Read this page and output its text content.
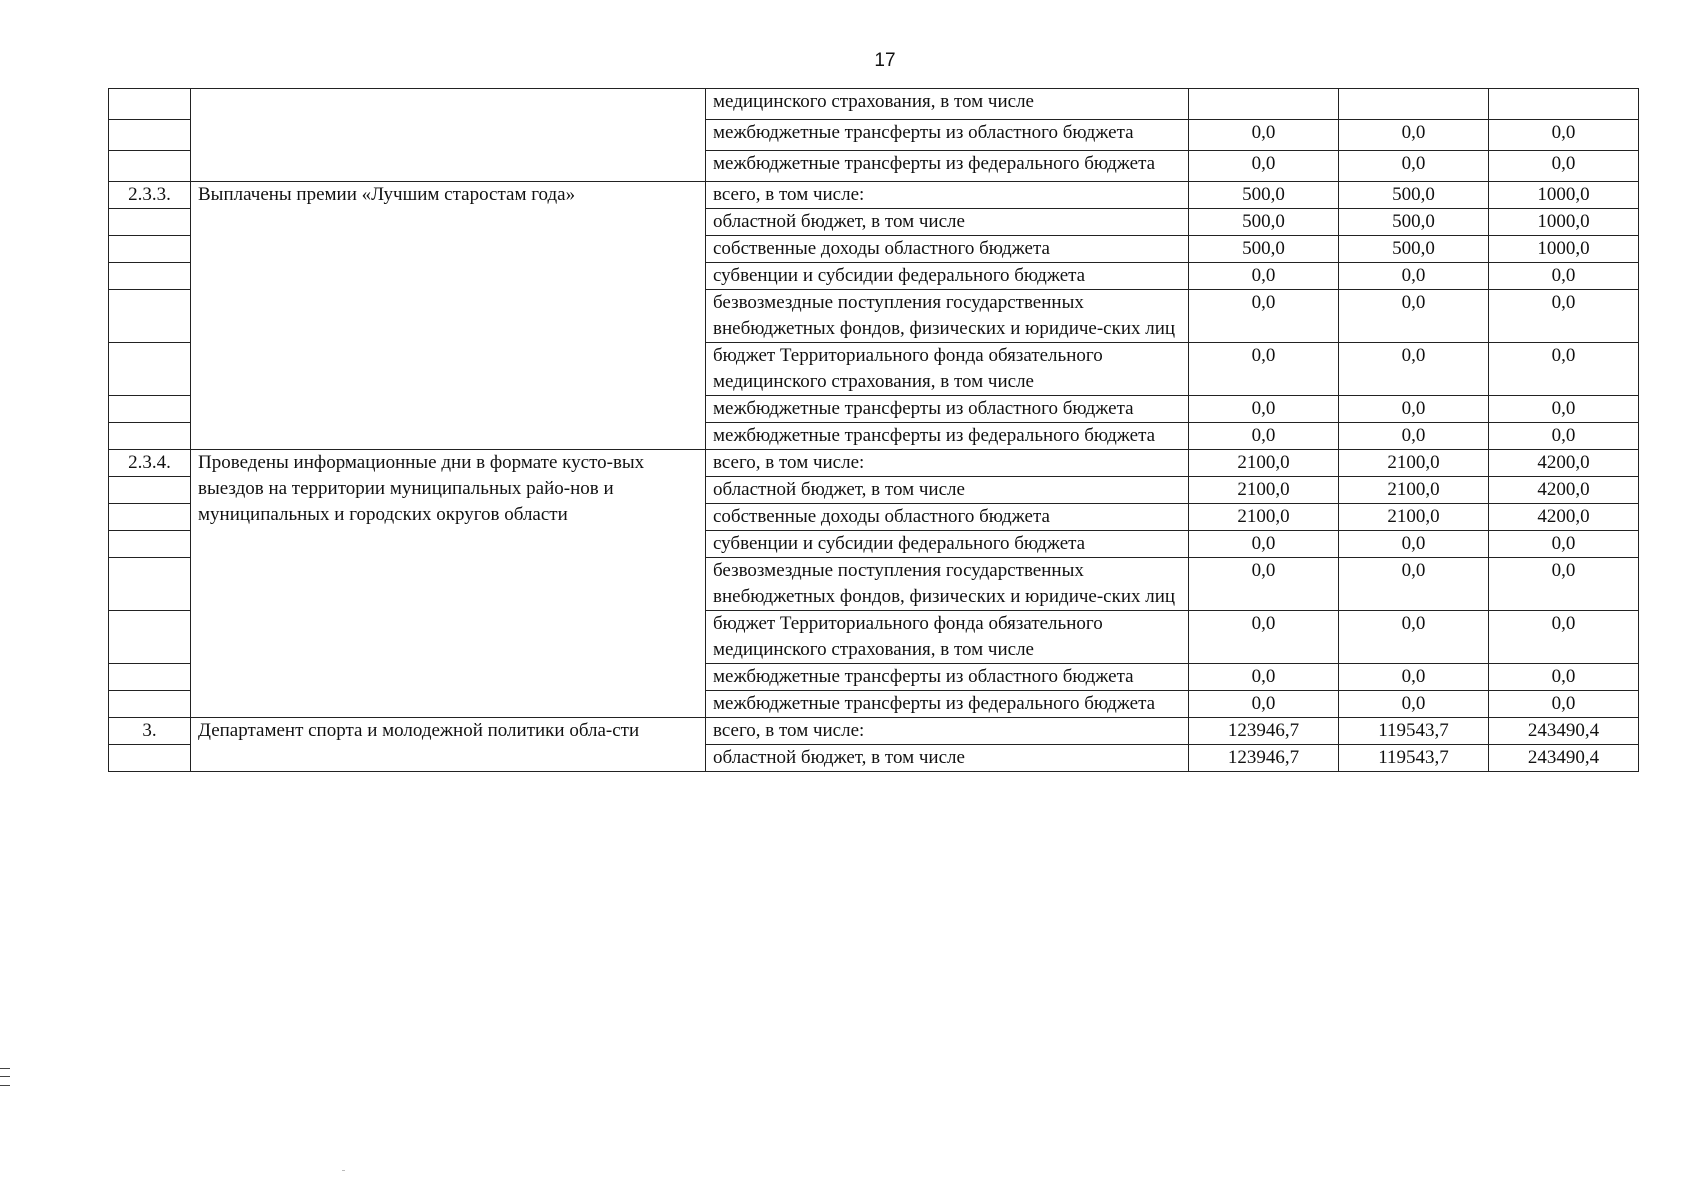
17
		медицинского страхования, в том числе			
		межбюджетные трансферты из областного бюджета	0,0	0,0	0,0
		межбюджетные трансферты из федерального бюджета	0,0	0,0	0,0
2.3.3.	Выплачены премии «Лучшим старостам года»	всего, в том числе:	500,0	500,0	1000,0
		областной бюджет, в том числе	500,0	500,0	1000,0
		собственные доходы областного бюджета	500,0	500,0	1000,0
		субвенции и субсидии федерального бюджета	0,0	0,0	0,0
		безвозмездные поступления государственных внебюджетных фондов, физических и юридиче-ских лиц	0,0	0,0	0,0
		бюджет Территориального фонда обязательного медицинского страхования, в том числе	0,0	0,0	0,0
		межбюджетные трансферты из областного бюджета	0,0	0,0	0,0
		межбюджетные трансферты из федерального бюджета	0,0	0,0	0,0
2.3.4.	Проведены информационные дни в формате кусто-вых выездов на территории муниципальных райо-нов и муниципальных и городских округов области	всего, в том числе:	2100,0	2100,0	4200,0
		областной бюджет, в том числе	2100,0	2100,0	4200,0
		собственные доходы областного бюджета	2100,0	2100,0	4200,0
		субвенции и субсидии федерального бюджета	0,0	0,0	0,0
		безвозмездные поступления государственных внебюджетных фондов, физических и юридиче-ских лиц	0,0	0,0	0,0
		бюджет Территориального фонда обязательного медицинского страхования, в том числе	0,0	0,0	0,0
		межбюджетные трансферты из областного бюджета	0,0	0,0	0,0
		межбюджетные трансферты из федерального бюджета	0,0	0,0	0,0
3.	Департамент спорта и молодежной политики обла-сти	всего, в том числе:	123946,7	119543,7	243490,4
		областной бюджет, в том числе	123946,7	119543,7	243490,4
